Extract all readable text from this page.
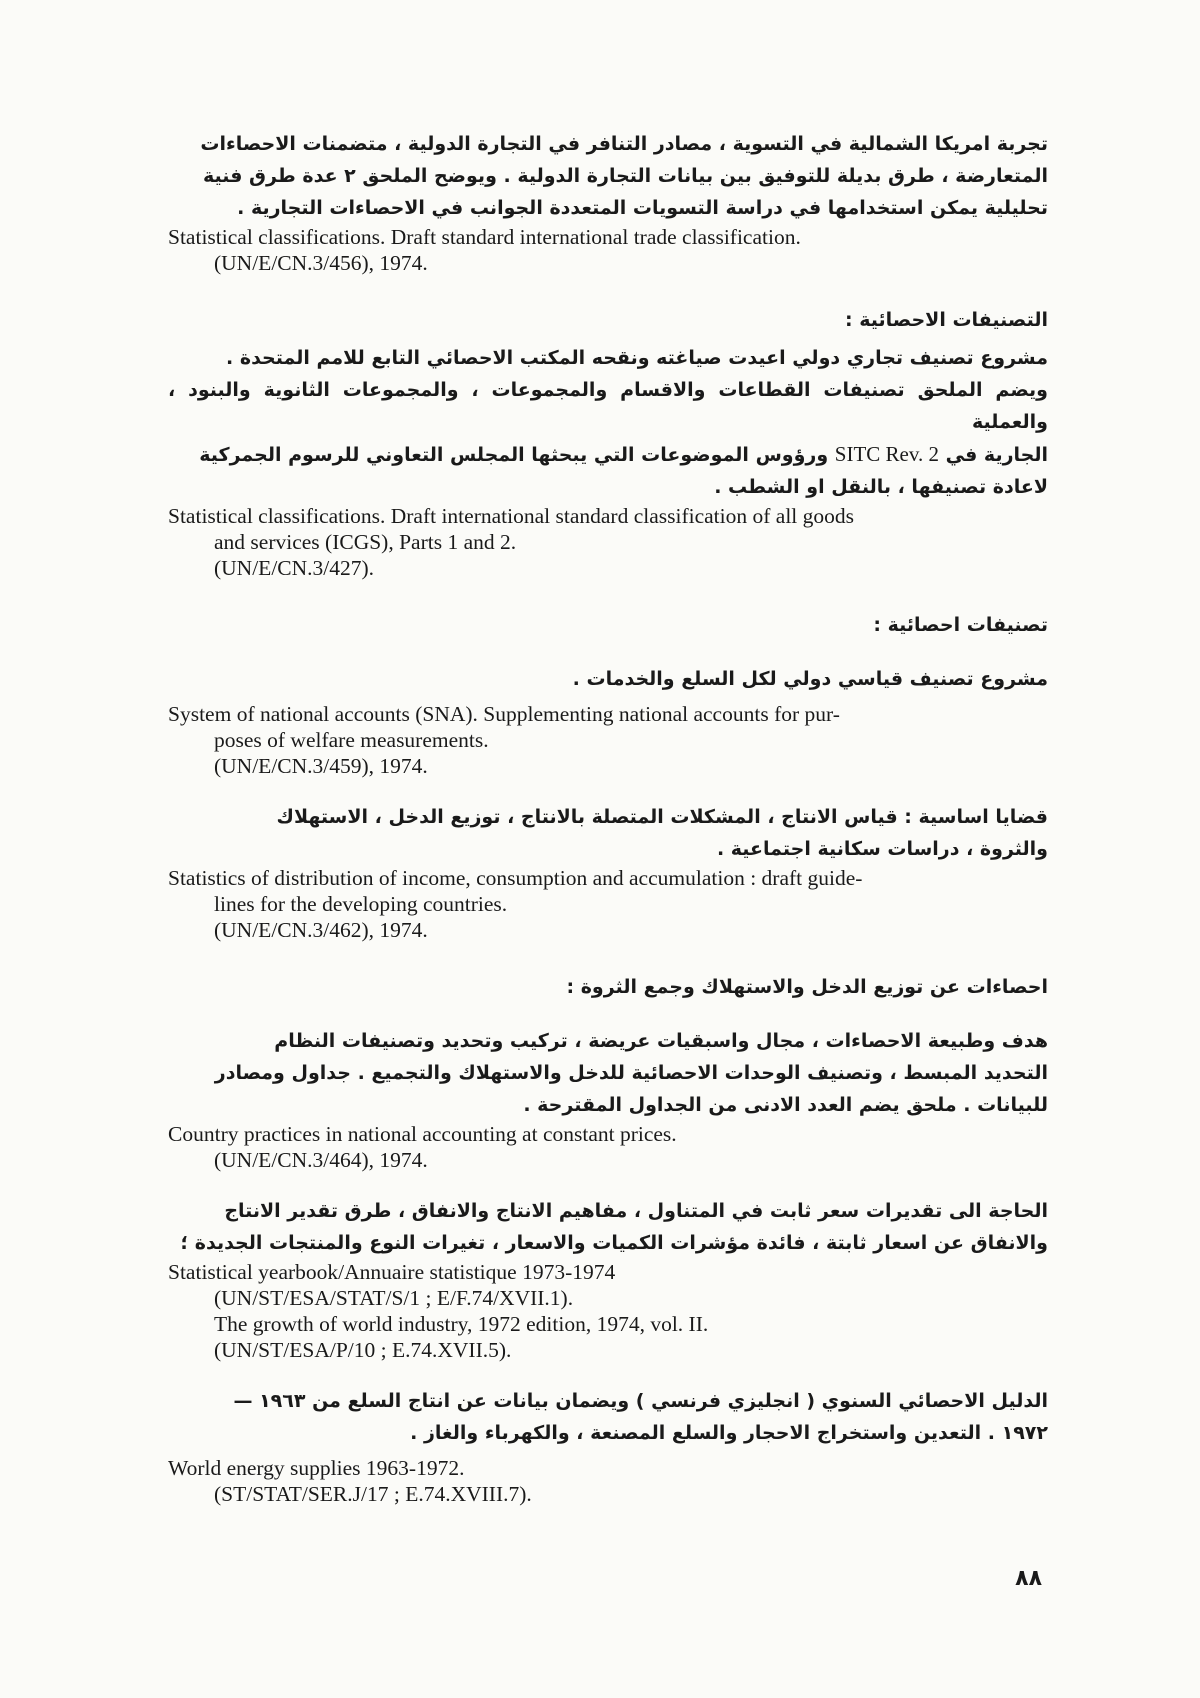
تجربة امريكا الشمالية في التسوية ، مصادر التنافر في التجارة الدولية ، متضمنات الاحصاءات

المتعارضة ، طرق بديلة للتوفيق بين بيانات التجارة الدولية . ويوضح الملحق ٢ عدة طرق فنية

تحليلية يمكن استخدامها في دراسة التسويات المتعددة الجوانب في الاحصاءات التجارية .

Statistical classifications. Draft standard international trade classification.
(UN/E/CN.3/456), 1974.

التصنيفات الاحصائية :

مشروع تصنيف تجاري دولي اعيدت صياغته ونقحه المكتب الاحصائي التابع للامم المتحدة .

ويضم الملحق تصنيفات القطاعات والاقسام والمجموعات ، والمجموعات الثانوية والبنود ، والعملية

الجارية في SITC Rev. 2 ورؤوس الموضوعات التي يبحثها المجلس التعاوني للرسوم الجمركية

لاعادة تصنيفها ، بالنقل او الشطب .

Statistical classifications. Draft international standard classification of all goods
and services (ICGS), Parts 1 and 2.
(UN/E/CN.3/427).

تصنيفات احصائية :

مشروع تصنيف قياسي دولي لكل السلع والخدمات .

System of national accounts (SNA). Supplementing national accounts for pur-
poses of welfare measurements.
(UN/E/CN.3/459), 1974.

قضايا اساسية : قياس الانتاج ، المشكلات المتصلة بالانتاج ، توزيع الدخل ، الاستهلاك

والثروة ، دراسات سكانية اجتماعية .

Statistics of distribution of income, consumption and accumulation : draft guide-
lines for the developing countries.
(UN/E/CN.3/462), 1974.

احصاءات عن توزيع الدخل والاستهلاك وجمع الثروة :

هدف وطبيعة الاحصاءات ، مجال واسبقيات عريضة ، تركيب وتحديد وتصنيفات النظام

التحديد المبسط ، وتصنيف الوحدات الاحصائية للدخل والاستهلاك والتجميع . جداول ومصادر

للبيانات . ملحق يضم العدد الادنى من الجداول المقترحة .

Country practices in national accounting at constant prices.
(UN/E/CN.3/464), 1974.

الحاجة الى تقديرات سعر ثابت في المتناول ، مفاهيم الانتاج والانفاق ، طرق تقدير الانتاج

والانفاق عن اسعار ثابتة ، فائدة مؤشرات الكميات والاسعار ، تغيرات النوع والمنتجات الجديدة ؛

Statistical yearbook/Annuaire statistique 1973-1974
(UN/ST/ESA/STAT/S/1 ; E/F.74/XVII.1).
The growth of world industry, 1972 edition, 1974, vol. II.
(UN/ST/ESA/P/10 ; E.74.XVII.5).

الدليل الاحصائي السنوي ( انجليزي فرنسي ) ويضمان بيانات عن انتاج السلع من ١٩٦٣ —

١٩٧٢ . التعدين واستخراج الاحجار والسلع المصنعة ، والكهرباء والغاز .

World energy supplies 1963-1972.
(ST/STAT/SER.J/17 ; E.74.XVIII.7).
٨٨
